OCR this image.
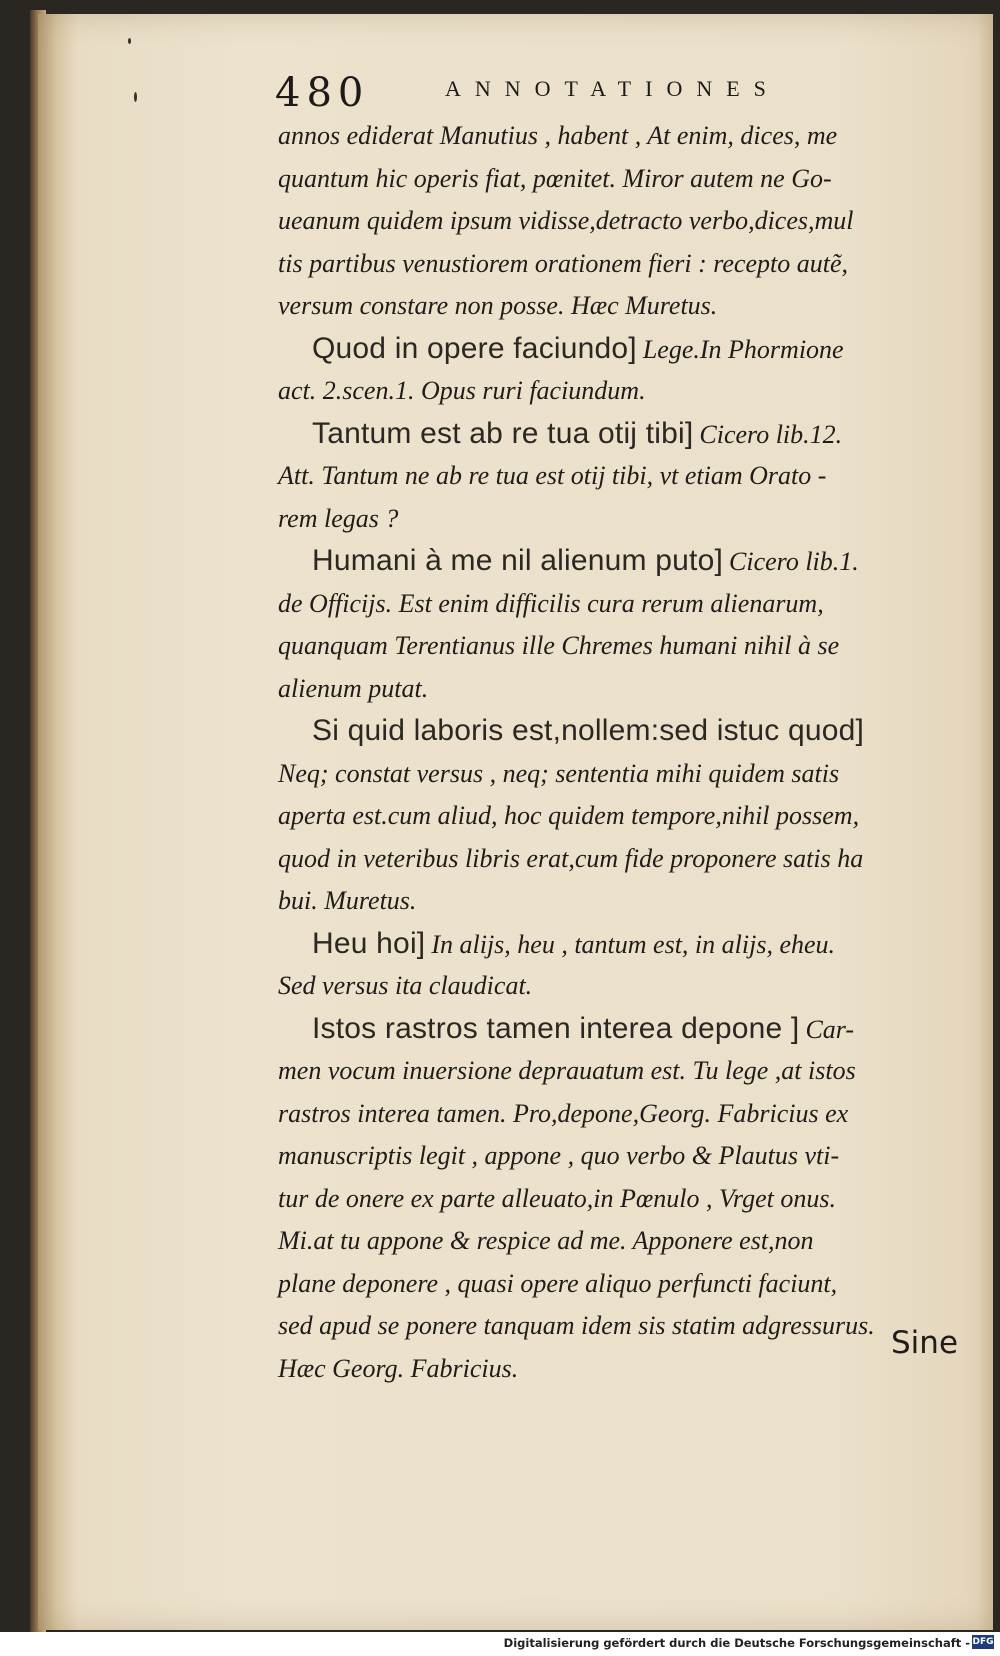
480	ANNOTATIONES
annos ediderat Manutius , habent , At enim, dices, me
quantum hic operis fiat, pœnitet. Miror autem ne Go-
ueanum quidem ipsum vidisse,detracto verbo,dices,mul
tis partibus venustiorem orationem fieri : recepto autẽ,
versum constare non posse. Hæc Muretus.
Quod in opere faciundo] Lege.In Phormione
act. 2.scen.1. Opus ruri faciundum.
Tantum est ab re tua otij tibi] Cicero lib.12.
Att. Tantum ne ab re tua est otij tibi, vt etiam Orato -
rem legas ?
Humani à me nil alienum puto] Cicero lib.1.
de Officijs. Est enim difficilis cura rerum alienarum,
quanquam Terentianus ille Chremes humani nihil à se
alienum putat.
Si quid laboris est,nollem:sed istuc quod]
Neq; constat versus , neq; sententia mihi quidem satis
aperta est.cum aliud, hoc quidem tempore,nihil possem,
quod in veteribus libris erat,cum fide proponere satis ha
bui. Muretus.
Heu hoi] In alijs, heu , tantum est, in alijs, eheu.
Sed versus ita claudicat.
Istos rastros tamen interea depone ] Car-
men vocum inuersione deprauatum est. Tu lege ,at istos
rastros interea tamen. Pro,depone,Georg. Fabricius ex
manuscriptis legit , appone , quo verbo & Plautus vti-
tur de onere ex parte alleuato,in Pœnulo , Vrget onus.
Mi.at tu appone & respice ad me. Apponere est,non
plane deponere , quasi opere aliquo perfuncti faciunt,
sed apud se ponere tanquam idem sis statim adgressurus.
Hæc Georg. Fabricius.
Sine
Digitalisierung gefördert durch die Deutsche Forschungsgemeinschaft - DFG
